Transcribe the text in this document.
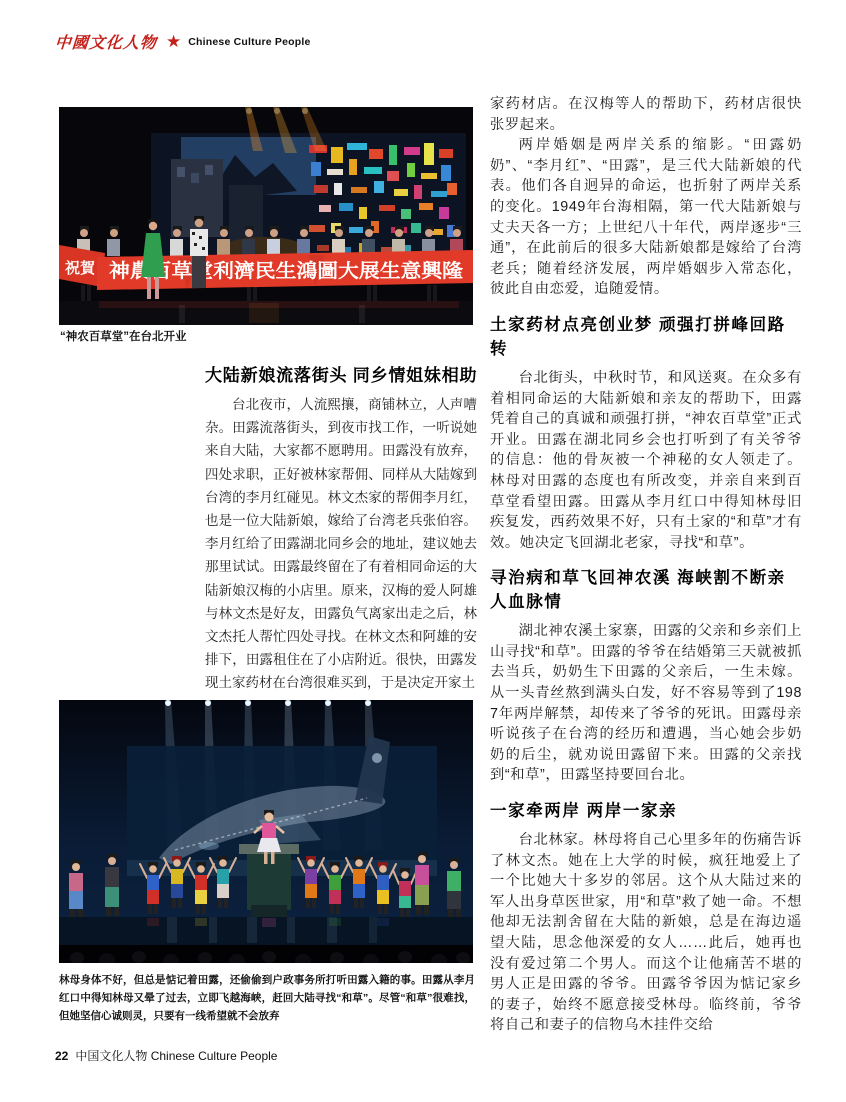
中國文化人物 ★ Chinese Culture People
祝賀 神農百草堂利濟民生鴻圖大展生意興隆
“神农百草堂”在台北开业
大陆新娘流落街头 同乡情姐妹相助
台北夜市，人流熙攘，商铺林立，人声嘈杂。田露流落街头，到夜市找工作，一听说她来自大陆，大家都不愿聘用。田露没有放弃，四处求职，正好被林家帮佣、同样从大陆嫁到台湾的李月红碰见。林文杰家的帮佣李月红，也是一位大陆新娘，嫁给了台湾老兵张伯容。李月红给了田露湖北同乡会的地址，建议她去那里试试。田露最终留在了有着相同命运的大陆新娘汉梅的小店里。原来，汉梅的爱人阿雄与林文杰是好友，田露负气离家出走之后，林文杰托人帮忙四处寻找。在林文杰和阿雄的安排下，田露租住在了小店附近。很快，田露发现土家药材在台湾很难买到，于是决定开家土

家药材店。在汉梅等人的帮助下，药材店很快张罗起来。

两岸婚姻是两岸关系的缩影。“田露奶奶”、“李月红”、“田露”，是三代大陆新娘的代表。他们各自迥异的命运，也折射了两岸关系的变化。1949年台海相隔，第一代大陆新娘与丈夫天各一方；上世纪八十年代，两岸逐步“三通”，在此前后的很多大陆新娘都是嫁给了台湾老兵；随着经济发展，两岸婚姻步入常态化，彼此自由恋爱，追随爱情。

土家药材点亮创业梦 顽强打拼峰回路转

台北街头，中秋时节，和风送爽。在众多有着相同命运的大陆新娘和亲友的帮助下，田露凭着自己的真诚和顽强打拼，“神农百草堂”正式开业。田露在湖北同乡会也打听到了有关爷爷的信息：他的骨灰被一个神秘的女人领走了。林母对田露的态度也有所改变，并亲自来到百草堂看望田露。田露从李月红口中得知林母旧疾复发，西药效果不好，只有土家的“和草”才有效。她决定飞回湖北老家，寻找“和草”。

寻治病和草飞回神农溪 海峡割不断亲人血脉情

湖北神农溪土家寨，田露的父亲和乡亲们上山寻找“和草”。田露的爷爷在结婚第三天就被抓去当兵，奶奶生下田露的父亲后，一生未嫁。从一头青丝熬到满头白发，好不容易等到了1987年两岸解禁，却传来了爷爷的死讯。田露母亲听说孩子在台湾的经历和遭遇，当心她会步奶奶的后尘，就劝说田露留下来。田露的父亲找到“和草”，田露坚持要回台北。

一家牵两岸 两岸一家亲

台北林家。林母将自己心里多年的伤痛告诉了林文杰。她在上大学的时候，疯狂地爱上了一个比她大十多岁的邻居。这个从大陆过来的军人出身草医世家，用“和草”救了她一命。不想他却无法割舍留在大陆的新娘，总是在海边遥望大陆，思念他深爱的女人……此后，她再也没有爱过第二个男人。而这个让他痛苦不堪的男人正是田露的爷爷。田露爷爷因为惦记家乡的妻子，始终不愿意接受林母。临终前，爷爷将自己和妻子的信物乌木挂件交给

林母身体不好，但总是惦记着田露，还偷偷到户政事务所打听田露入籍的事。田露从李月红口中得知林母又晕了过去，立即飞越海峡，赶回大陆寻找“和草”。尽管“和草”很难找，但她坚信心诚则灵，只要有一线希望就不会放弃
22 中国文化人物 Chinese Culture People
